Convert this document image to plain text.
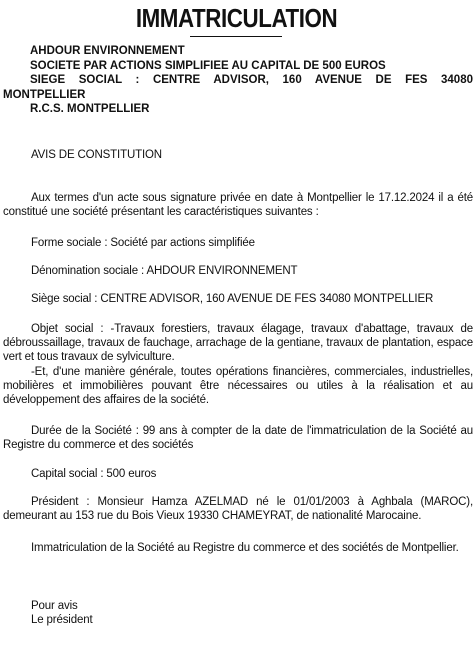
IMMATRICULATION
AHDOUR ENVIRONNEMENT
SOCIETE PAR ACTIONS SIMPLIFIEE AU CAPITAL DE 500 EUROS
SIEGE SOCIAL : CENTRE ADVISOR, 160 AVENUE DE FES 34080
MONTPELLIER
R.C.S. MONTPELLIER

AVIS DE CONSTITUTION

Aux termes d'un acte sous signature privée en date à Montpellier le 17.12.2024 il a été constitué une société présentant les caractéristiques suivantes :

Forme sociale : Société par actions simplifiée

Dénomination sociale : AHDOUR ENVIRONNEMENT

Siège social : CENTRE ADVISOR, 160 AVENUE DE FES 34080 MONTPELLIER

Objet social : -Travaux forestiers, travaux élagage, travaux d'abattage, travaux de débroussaillage, travaux de fauchage, arrachage de la gentiane, travaux de plantation, espace vert et tous travaux de sylviculture.

-Et, d'une manière générale, toutes opérations financières, commerciales, industrielles, mobilières et immobilières pouvant être nécessaires ou utiles à la réalisation et au développement des affaires de la société.

Durée de la Société : 99 ans à compter de la date de l'immatriculation de la Société au Registre du commerce et des sociétés

Capital social : 500 euros

Président : Monsieur Hamza AZELMAD né le 01/01/2003 à Aghbala (MAROC), demeurant au 153 rue du Bois Vieux 19330 CHAMEYRAT, de nationalité Marocaine.

Immatriculation de la Société au Registre du commerce et des sociétés de Montpellier.

Pour avis
Le président
